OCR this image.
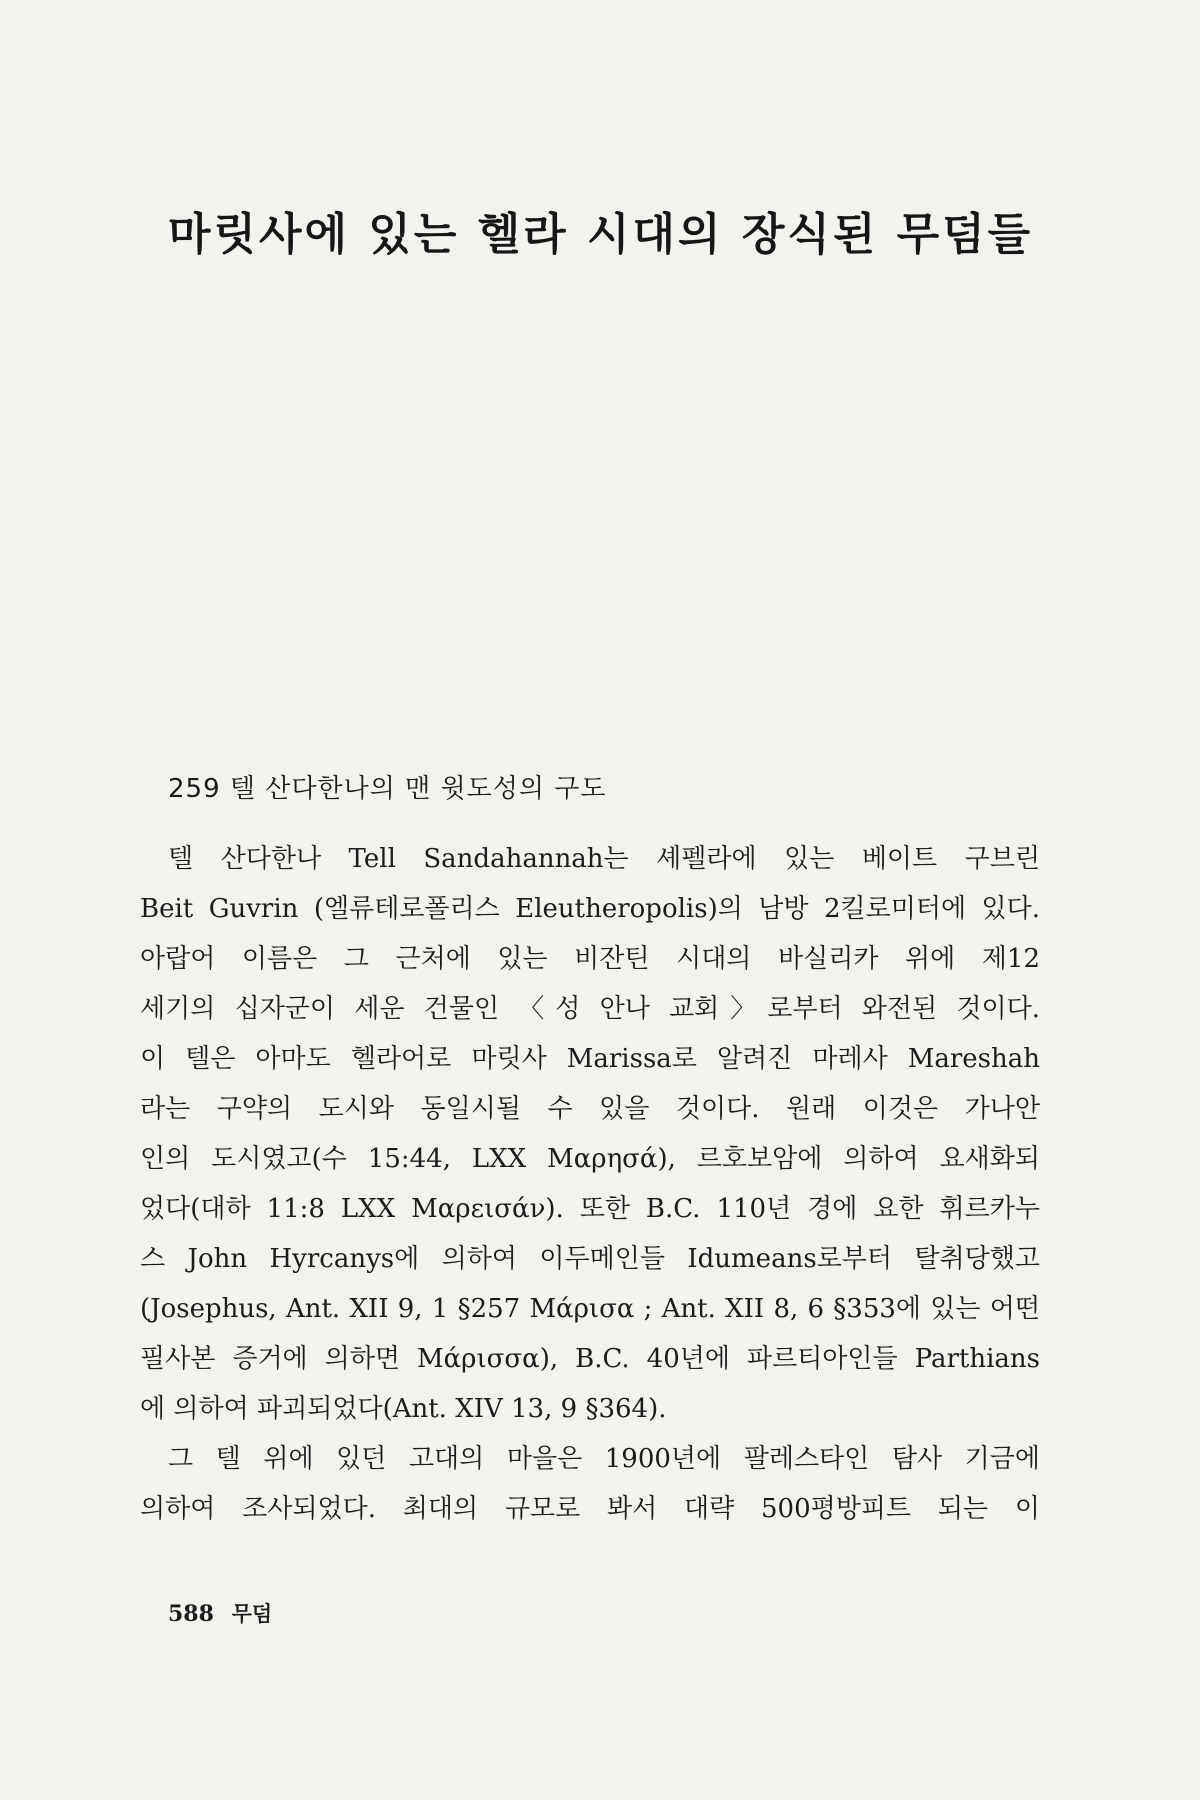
마릿사에 있는 헬라 시대의 장식된 무덤들
259 텔 산다한나의 맨 윗도성의 구도
텔 산다한나 Tell Sandahannah는 셰펠라에 있는 베이트 구브린
Beit Guvrin (엘류테로폴리스 Eleutheropolis)의 남방 2킬로미터에 있다.
아랍어 이름은 그 근처에 있는 비잔틴 시대의 바실리카 위에 제12
세기의 십자군이 세운 건물인 〈성 안나 교회〉로부터 와전된 것이다.
이 텔은 아마도 헬라어로 마릿사 Marissa로 알려진 마레사 Mareshah
라는 구약의 도시와 동일시될 수 있을 것이다. 원래 이것은 가나안
인의 도시였고(수 15:44, LXX Μαρησά), 르호보암에 의하여 요새화되
었다(대하 11:8 LXX Μαρεισάν). 또한 B.C. 110년 경에 요한 휘르카누
스 John Hyrcanys에 의하여 이두메인들 Idumeans로부터 탈취당했고
(Josephus, Ant. XII 9, 1 §257 Μάρισα ; Ant. XII 8, 6 §353에 있는 어떤
필사본 증거에 의하면 Μάρισσα), B.C. 40년에 파르티아인들 Parthians
에 의하여 파괴되었다(Ant. XIV 13, 9 §364).
그 텔 위에 있던 고대의 마을은 1900년에 팔레스타인 탐사 기금에
의하여 조사되었다. 최대의 규모로 봐서 대략 500평방피트 되는 이
588 무덤
